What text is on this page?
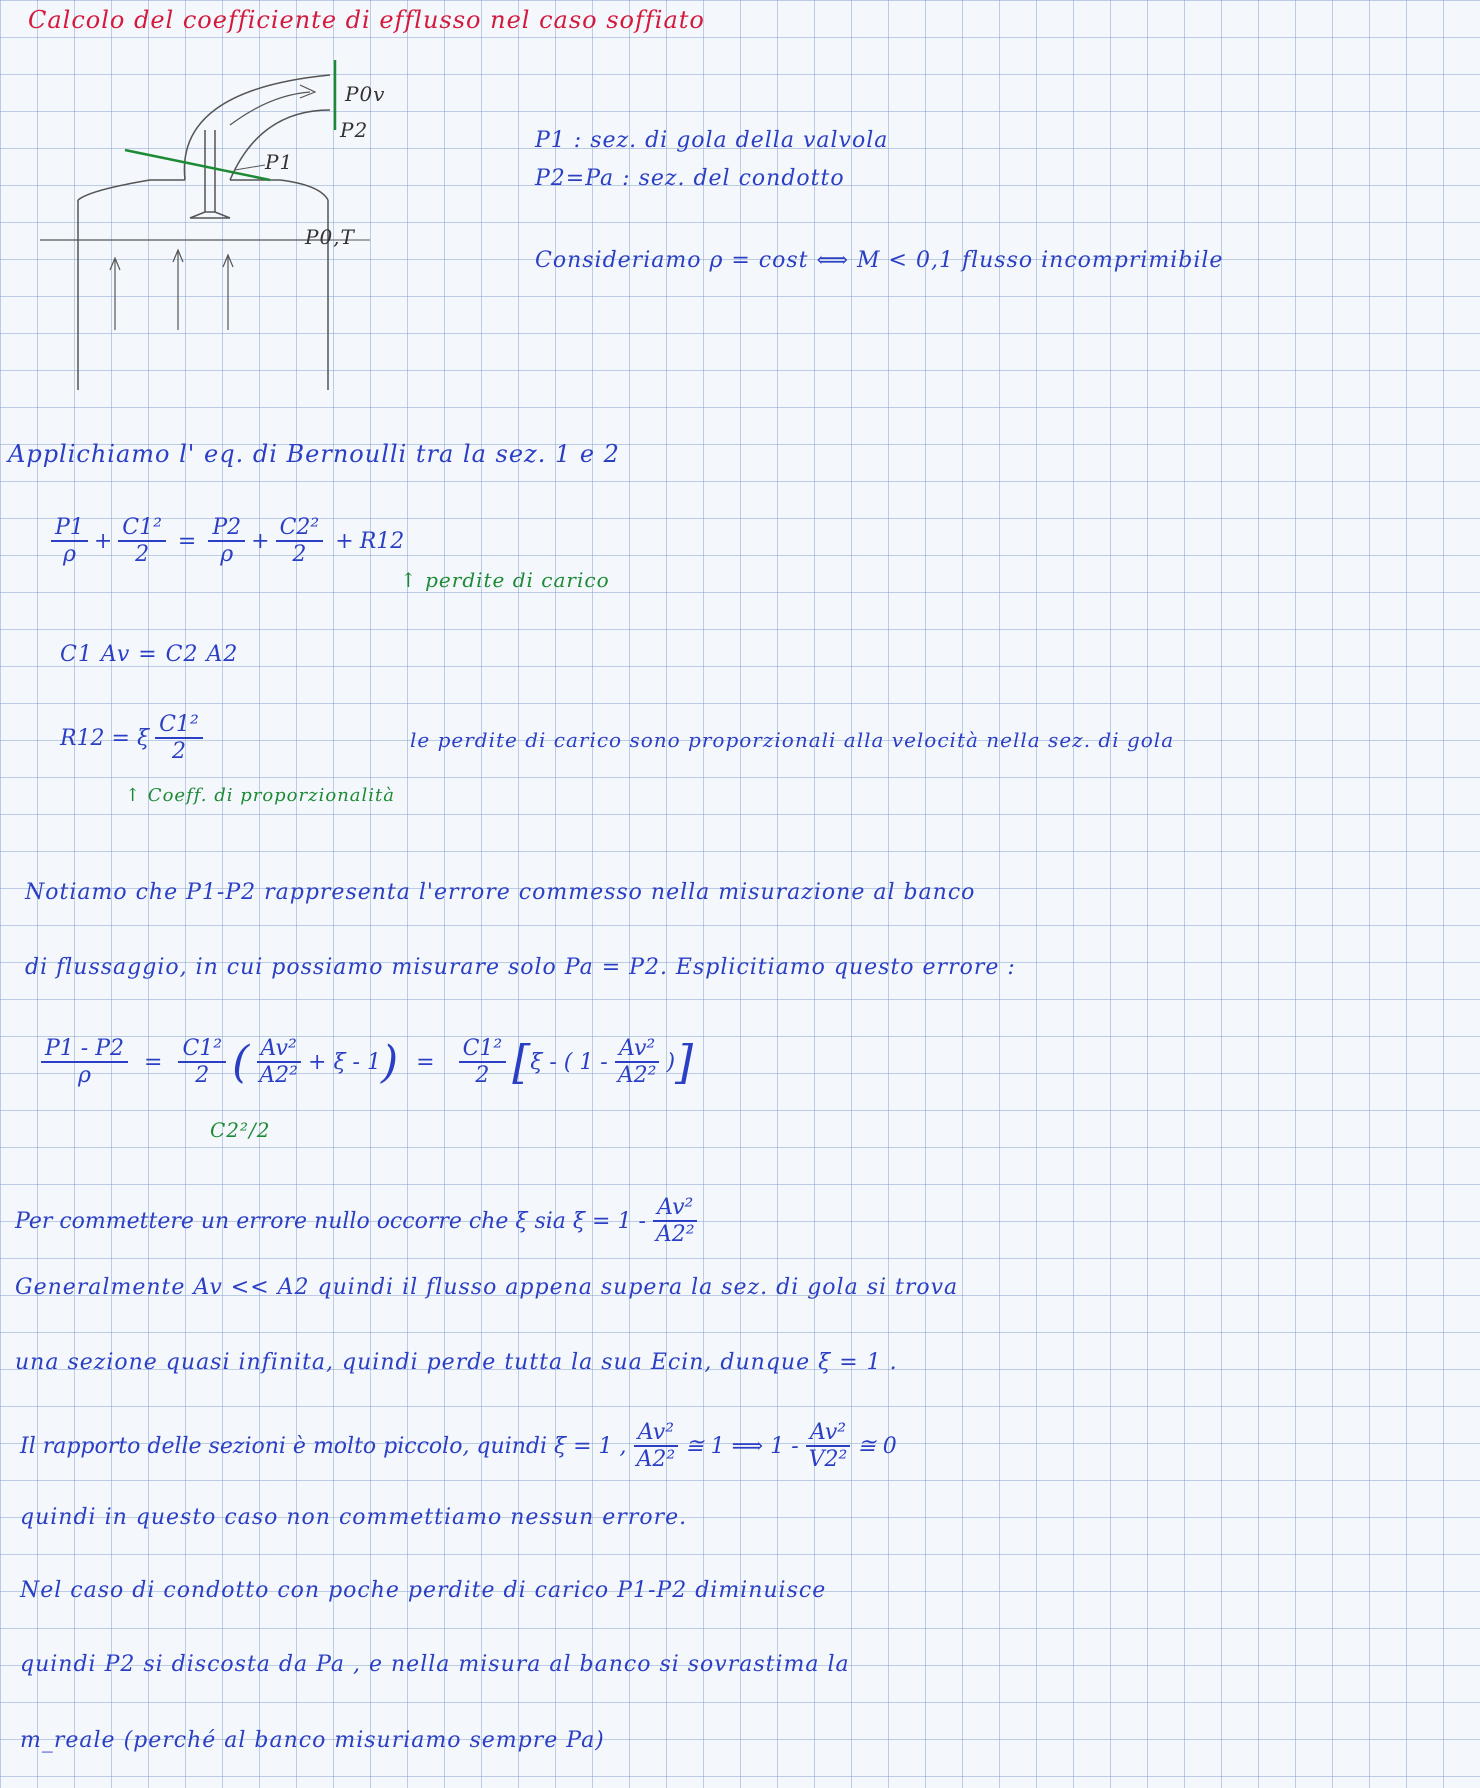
Calcolo del coefficiente di efflusso nel caso soffiato
P0v
P2
P1
P0,T
P1 : sez. di gola della valvola
P2=Pa : sez. del condotto
Consideriamo ρ = cost ⟺ M < 0,1 flusso incomprimibile
Applichiamo l' eq. di Bernoulli tra la sez. 1 e 2
$\frac{P1}{\rho} + \frac{\text{C1²}}{2} = \frac{P2}{\rho} + \frac{\text{C2²}}{2} + R12$
↑ perdite di carico
C1 Av = C2 A2
R12 = ξ $\frac{\text{C1²}}{2}$	le perdite di carico sono proporzionali alla velocità nella sez. di gola
↑ Coeff. di proporzionalità
Notiamo che P1-P2 rappresenta l'errore commesso nella misurazione al banco
di flussaggio, in cui possiamo misurare solo Pa = P2. Esplicitiamo questo errore :
$\frac{P1 - P2}{\rho} = \frac{\text{C1²}}{2}$ ( $\frac{\text{Av²}}{\text{A2²}} + \xi - 1$ ) = $\frac{\text{C1²}}{2}$ [ ξ - ( $1 - \frac{\text{Av²}}{\text{A2²}}$ ) ]
C2²/2
Per commettere un errore nullo occorre che ξ sia $\xi = 1 - \frac{\text{Av²}}{\text{A2²}}$
Generalmente Av << A2 quindi il flusso appena supera la sez. di gola si trova
una sezione quasi infinita, quindi perde tutta la sua Ecin, dunque ξ = 1 .
Il rapporto delle sezioni è molto piccolo, quindi ξ = 1 , $\frac{\text{Av²}}{\text{A2²}}$ ≅ 1 ⟹ $1 - \frac{\text{Av²}}{\text{V2²}}$ ≅ 0
quindi in questo caso non commettiamo nessun errore.
Nel caso di condotto con poche perdite di carico P1-P2 diminuisce
quindi P2 si discosta da Pa , e nella misura al banco si sovrastima la
m_reale (perché al banco misuriamo sempre Pa)
